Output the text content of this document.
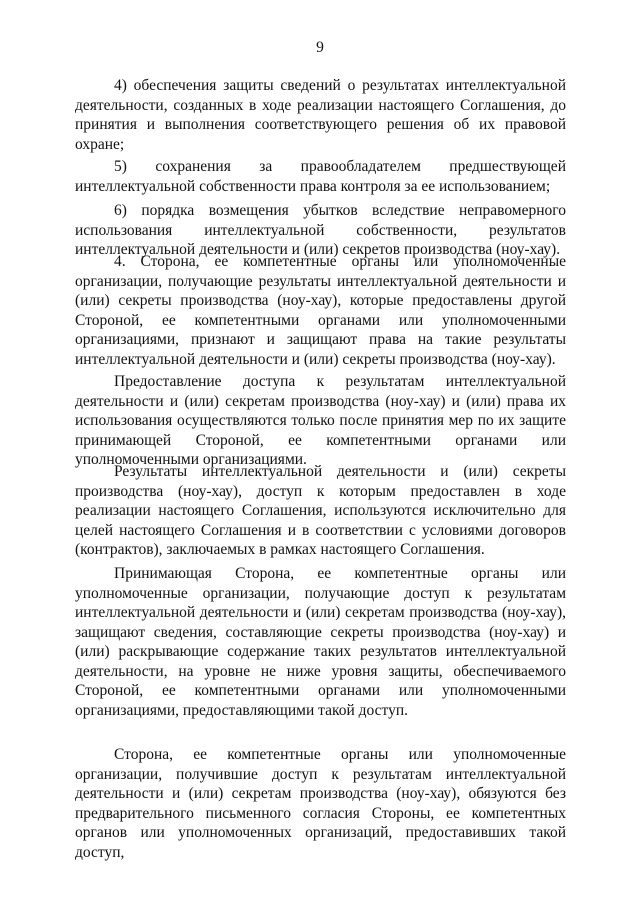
9

4) обеспечения защиты сведений о результатах интеллектуальной деятельности, созданных в ходе реализации настоящего Соглашения, до принятия и выполнения соответствующего решения об их правовой охране;

5) сохранения за правообладателем предшествующей интеллектуальной собственности права контроля за ее использованием;

6) порядка возмещения убытков вследствие неправомерного использования интеллектуальной собственности, результатов интеллектуальной деятельности и (или) секретов производства (ноу-хау).

4. Сторона, ее компетентные органы или уполномоченные организации, получающие результаты интеллектуальной деятельности и (или) секреты производства (ноу-хау), которые предоставлены другой Стороной, ее компетентными органами или уполномоченными организациями, признают и защищают права на такие результаты интеллектуальной деятельности и (или) секреты производства (ноу-хау).

Предоставление доступа к результатам интеллектуальной деятельности и (или) секретам производства (ноу-хау) и (или) права их использования осуществляются только после принятия мер по их защите принимающей Стороной, ее компетентными органами или уполномоченными организациями.

Результаты интеллектуальной деятельности и (или) секреты производства (ноу-хау), доступ к которым предоставлен в ходе реализации настоящего Соглашения, используются исключительно для целей настоящего Соглашения и в соответствии с условиями договоров (контрактов), заключаемых в рамках настоящего Соглашения.

Принимающая Сторона, ее компетентные органы или уполномоченные организации, получающие доступ к результатам интеллектуальной деятельности и (или) секретам производства (ноу-хау), защищают сведения, составляющие секреты производства (ноу-хау) и (или) раскрывающие содержание таких результатов интеллектуальной деятельности, на уровне не ниже уровня защиты, обеспечиваемого Стороной, ее компетентными органами или уполномоченными организациями, предоставляющими такой доступ.

Сторона, ее компетентные органы или уполномоченные организации, получившие доступ к результатам интеллектуальной деятельности и (или) секретам производства (ноу-хау), обязуются без предварительного письменного согласия Стороны, ее компетентных органов или уполномоченных организаций, предоставивших такой доступ,
